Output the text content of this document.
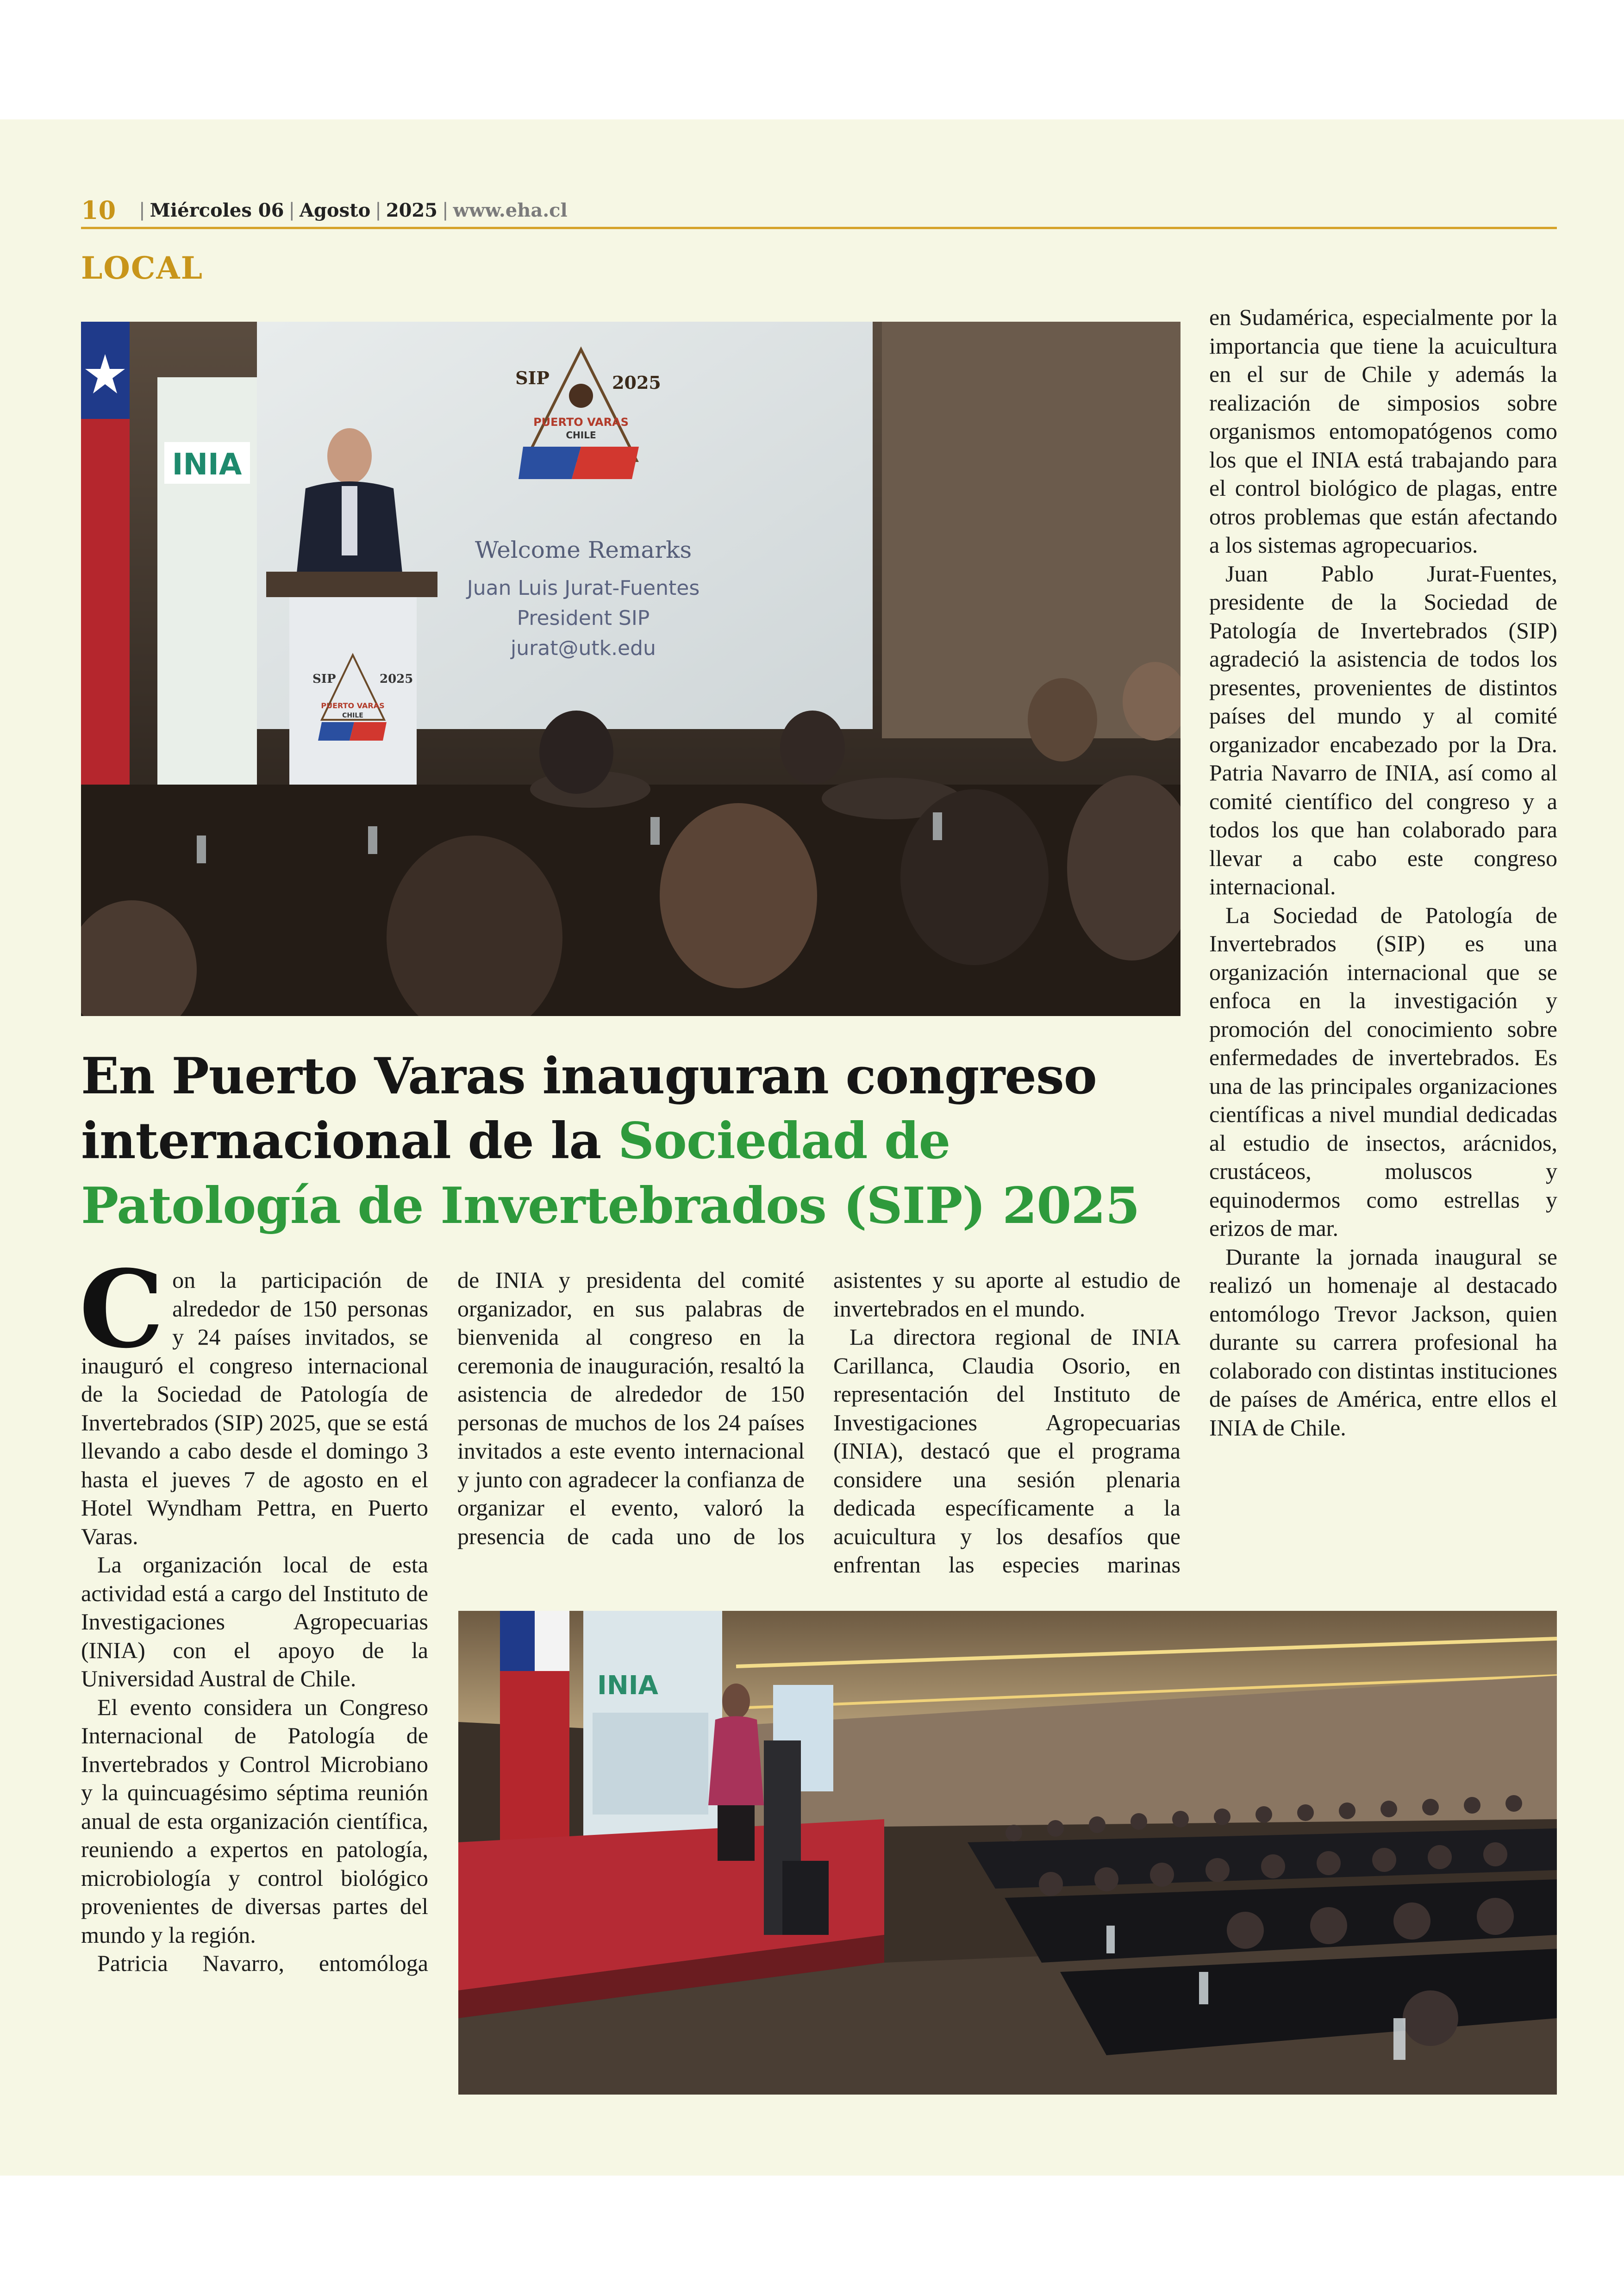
10 | Miércoles 06 | Agosto | 2025 | www.eha.cl
LOCAL
INIA
SIP	2025
PUERTO VARAS
CHILE
Welcome Remarks
Juan Luis Jurat-Fuentes
President SIP
jurat@utk.edu
SIP	2025
PUERTO VARAS
CHILE
En Puerto Varas inauguran congreso internacional de la Sociedad de Patología de Invertebrados (SIP) 2025

Con la participación de alrededor de 150 personas y 24 países invitados, se inauguró el congreso internacional de la Sociedad de Patología de Invertebrados (SIP) 2025, que se está llevando a cabo desde el domingo 3 hasta el jueves 7 de agosto en el Hotel Wyndham Pettra, en Puerto Varas.

La organización local de esta actividad está a cargo del Instituto de Investigaciones Agropecuarias (INIA) con el apoyo de la Universidad Austral de Chile.

El evento considera un Congreso Internacional de Patología de Invertebrados y Control Microbiano y la quincuagésimo séptima reunión anual de esta organización científica, reuniendo a expertos en patología, microbiología y control biológico provenientes de diversas partes del mundo y la región.

Patricia Navarro, entomóloga

de INIA y presidenta del comité organizador, en sus palabras de bienvenida al congreso en la ceremonia de inauguración, resaltó la asistencia de alrededor de 150 personas de muchos de los 24 países invitados a este evento internacional y junto con agradecer la confianza de organizar el evento, valoró la presencia de cada uno de los

asistentes y su aporte al estudio de invertebrados en el mundo.

La directora regional de INIA Carillanca, Claudia Osorio, en representación del Instituto de Investigaciones Agropecuarias (INIA), destacó que el programa considere una sesión plenaria dedicada específicamente a la acuicultura y los desafíos que enfrentan las especies marinas

en Sudamérica, especialmente por la importancia que tiene la acuicultura en el sur de Chile y además la realización de simposios sobre organismos entomopatógenos como los que el INIA está trabajando para el control biológico de plagas, entre otros problemas que están afectando a los sistemas agropecuarios.

Juan Pablo Jurat-Fuentes, presidente de la Sociedad de Patología de Invertebrados (SIP) agradeció la asistencia de todos los presentes, provenientes de distintos países del mundo y al comité organizador encabezado por la Dra. Patria Navarro de INIA, así como al comité científico del congreso y a todos los que han colaborado para llevar a cabo este congreso internacional.

La Sociedad de Patología de Invertebrados (SIP) es una organización internacional que se enfoca en la investigación y promoción del conocimiento sobre enfermedades de invertebrados. Es una de las principales organizaciones científicas a nivel mundial dedicadas al estudio de insectos, arácnidos, crustáceos, moluscos y equinodermos como estrellas y erizos de mar.

Durante la jornada inaugural se realizó un homenaje al destacado entomólogo Trevor Jackson, quien durante su carrera profesional ha colaborado con distintas instituciones de países de América, entre ellos el INIA de Chile.

INIA
